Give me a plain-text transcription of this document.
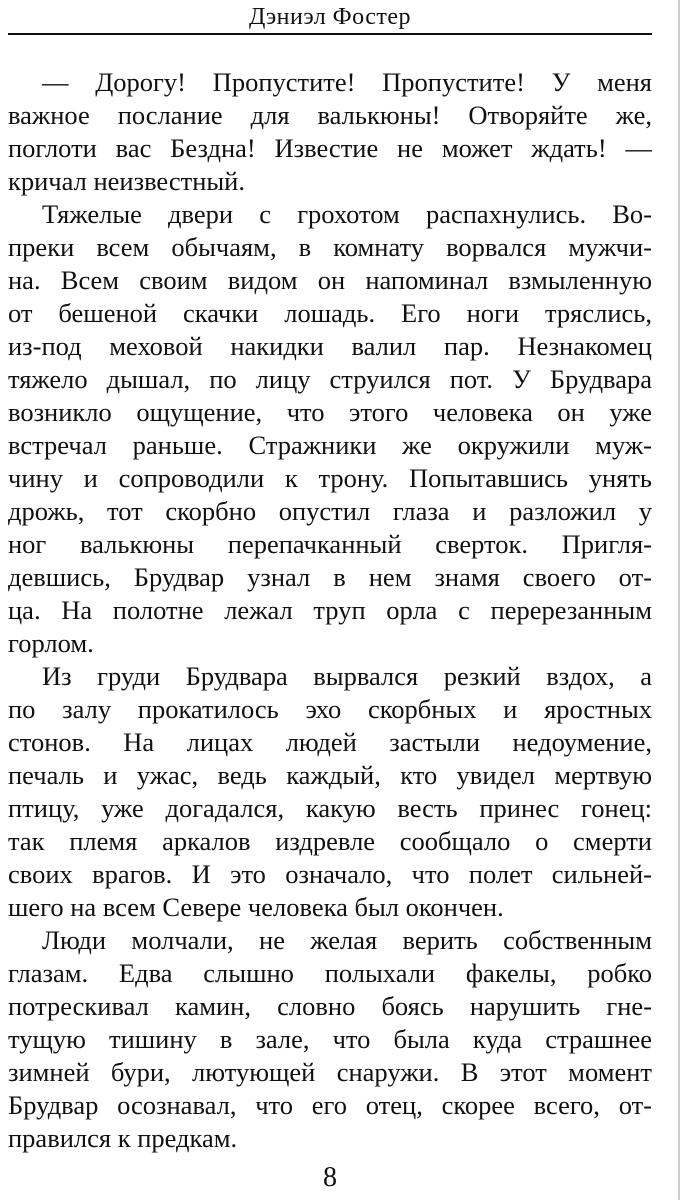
Дэниэл Фостер
— Дорогу! Пропустите! Пропустите! У меня
важное послание для валькюны! Отворяйте же,
поглоти вас Бездна! Известие не может ждать! —
кричал неизвестный.
Тяжелые двери с грохотом распахнулись. Во-
преки всем обычаям, в комнату ворвался мужчи-
на. Всем своим видом он напоминал взмыленную
от бешеной скачки лошадь. Его ноги тряслись,
из-под меховой накидки валил пар. Незнакомец
тяжело дышал, по лицу струился пот. У Брудвара
возникло ощущение, что этого человека он уже
встречал раньше. Стражники же окружили муж-
чину и сопроводили к трону. Попытавшись унять
дрожь, тот скорбно опустил глаза и разложил у
ног валькюны перепачканный сверток. Пригля-
девшись, Брудвар узнал в нем знамя своего от-
ца. На полотне лежал труп орла с перерезанным
горлом.
Из груди Брудвара вырвался резкий вздох, а
по залу прокатилось эхо скорбных и яростных
стонов. На лицах людей застыли недоумение,
печаль и ужас, ведь каждый, кто увидел мертвую
птицу, уже догадался, какую весть принес гонец:
так племя аркалов издревле сообщало о смерти
своих врагов. И это означало, что полет сильней-
шего на всем Севере человека был окончен.
Люди молчали, не желая верить собственным
глазам. Едва слышно полыхали факелы, робко
потрескивал камин, словно боясь нарушить гне-
тущую тишину в зале, что была куда страшнее
зимней бури, лютующей снаружи. В этот момент
Брудвар осознавал, что его отец, скорее всего, от-
правился к предкам.
8
